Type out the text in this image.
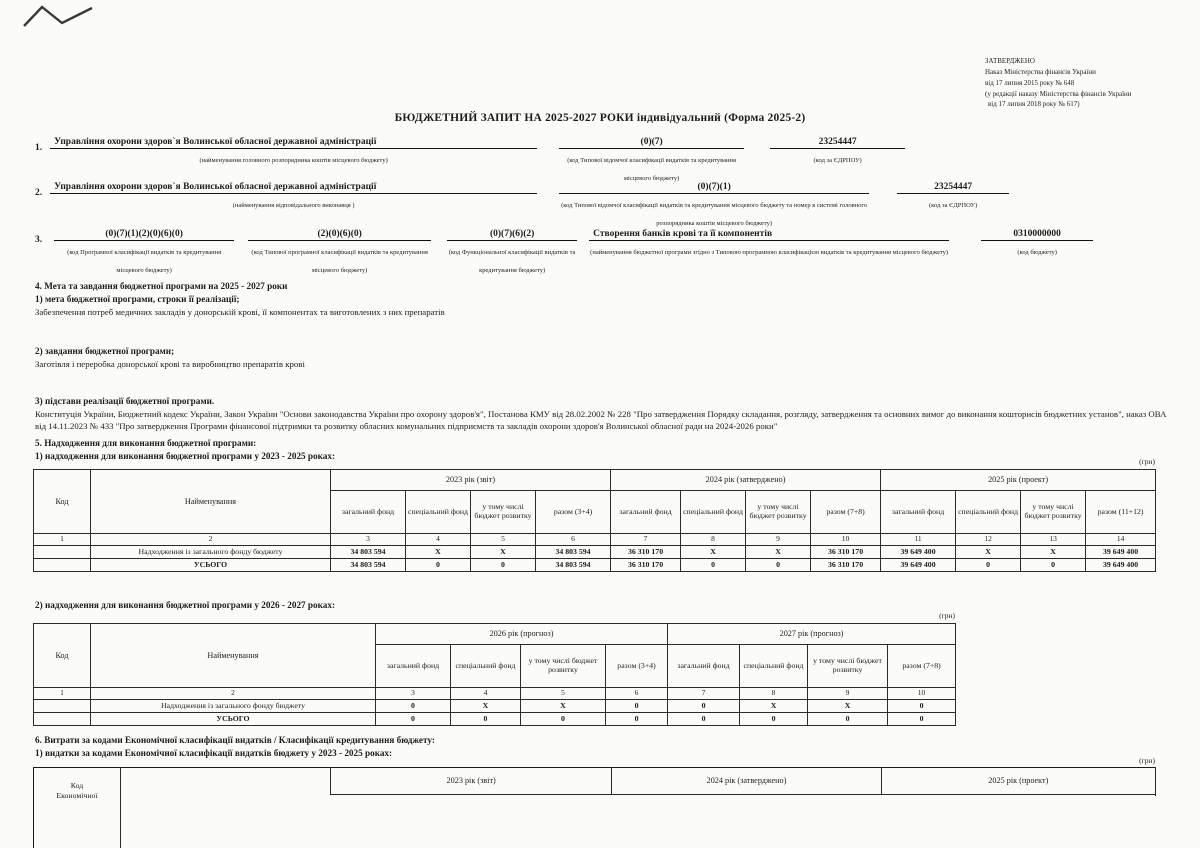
ЗАТВЕРДЖЕНО
Наказ Міністерства фінансів України
від 17 липня 2015 року № 648
(у редакції наказу Міністерства фінансів України
від 17 липня 2018 року № 617)
БЮДЖЕТНИЙ ЗАПИТ НА 2025-2027 РОКИ індивідуальний (Форма 2025-2)
1.
Управління охорони здоров`я Волинської обласної державної адміністрації
(найменування головного розпорядника коштів місцевого бюджету)
(0)(7)
(код Типової відомчої класифікації видатків та кредитування місцевого бюджету)
23254447
(код за ЄДРПОУ)
2.
Управління охорони здоров`я Волинської обласної державної адміністрації
(найменування відповідального виконавця )
(0)(7)(1)
(код Типової відомчої класифікації видатків та кредитування місцевого бюджету та номер в системі головного розпорядника коштів місцевого бюджету)
23254447
(код за ЄДРПОУ)
3.
(0)(7)(1)(2)(0)(6)(0)
(код Програмної класифікації видатків та кредитування місцевого бюджету)
(2)(0)(6)(0)
(код Типової програмної класифікації видатків та кредитування місцевого бюджету)
(0)(7)(6)(2)
(код Функціональної класифікації видатків та кредитування бюджету)
Створення банків крові та її компонентів
(найменування бюджетної програми згідно з Типовою програмною класифікацією видатків та кредитування місцевого бюджету)
0310000000
(код бюджету)
4. Мета та завдання бюджетної програми на 2025 - 2027 роки
1) мета бюджетної програми, строки її реалізації;
Забезпечення потреб медичних закладів у донорській крові, її компонентах та виготовлених з них препаратів
2) завдання бюджетної програми;
Заготівля і переробка донорської крові та виробництво препаратів крові
3) підстави реалізації бюджетної програми.
Конституція України, Бюджетний кодекс України, Закон України "Основи законодавства України про охорону здоров'я", Постанова КМУ від 28.02.2002 № 228 "Про затвердження Порядку складання, розгляду, затвердження та основних вимог до виконання кошторисів бюджетних установ", наказ ОВА від 14.11.2023 № 433 "Про затвердження Програми фінансової підтримки та розвитку обласних комунальних підприємств та закладів охорони здоров'я Волинської обласної ради на 2024-2026 роки"
5. Надходження для виконання бюджетної програми:
1) надходження для виконання бюджетної програми у 2023 - 2025 роках:
(грн)
Код	Найменування	2023 рік (звіт)				2024 рік (затверджено)				2025 рік (проект)			
		загальний фонд	спеціальний фонд	у тому числі бюджет розвитку	разом (3+4)	загальний фонд	спеціальний фонд	у тому числі бюджет розвитку	разом (7+8)	загальний фонд	спеціальний фонд	у тому числі бюджет розвитку	разом (11+12)
1	2	3	4	5	6	7	8	9	10	11	12	13	14
	Надходження із загального фонду бюджету	34 803 594	X	X	34 803 594	36 310 170	X	X	36 310 170	39 649 400	X	X	39 649 400
	УСЬОГО	34 803 594	0	0	34 803 594	36 310 170	0	0	36 310 170	39 649 400	0	0	39 649 400
2) надходження для виконання бюджетної програми у 2026 - 2027 роках:
(грн)
Код	Найменування	2026 рік (прогноз)				2027 рік (прогноз)			
		загальний фонд	спеціальний фонд	у тому числі бюджет розвитку	разом (3+4)	загальний фонд	спеціальний фонд	у тому числі бюджет розвитку	разом (7+8)
1	2	3	4	5	6	7	8	9	10
	Надходження із загального фонду бюджету	0	X	X	0	0	X	X	0
	УСЬОГО	0	0	0	0	0	0	0	0
6. Витрати за кодами Економічної класифікації видатків / Класифікації кредитування бюджету:
1) видатки за кодами Економічної класифікації видатків бюджету у 2023 - 2025 роках:
(грн)
Код
Економічної
2023 рік (звіт)	2024 рік (затверджено)	2025 рік (проект)
